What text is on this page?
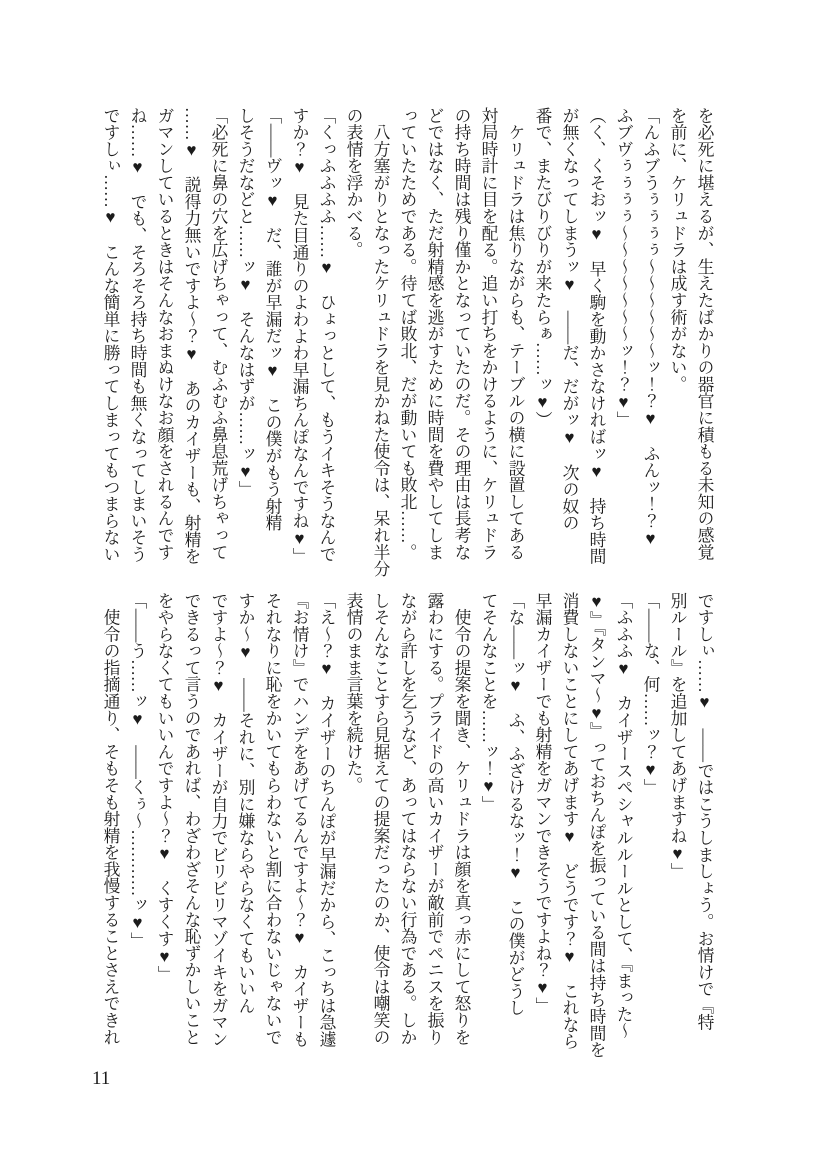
を必死に堪えるが、生えたばかりの器官に積もる未知の感覚

を前に、ケリュドラは成す術がない。

「んふブうぅぅぅぅ〜〜〜〜〜〜ッ！？♥　ふんッ！？♥

ふブヴぅぅぅぅ〜〜〜〜〜〜〜ッ！？♥」

（く、くそおッ♥　早く駒を動かさなければッ♥　持ち時間

が無くなってしまうッ♥　――だ、だがッ♥　次の奴の

番で、またびりびりが来たらぁ……ッ♥）

　ケリュドラは焦りながらも、テーブルの横に設置してある

対局時計に目を配る。追い打ちをかけるように、ケリュドラ

の持ち時間は残り僅かとなっていたのだ。その理由は長考な

どではなく、ただ射精感を逃がすために時間を費やしてしま

っていたためである。待てば敗北、だが動いても敗北……。

　八方塞がりとなったケリュドラを見かねた使令は、呆れ半分

の表情を浮かべる。

「くっふふふふ……♥　ひょっとして、もうイキそうなんで

すか？♥　見た目通りのよわよわ早漏ちんぽなんですね♥」

「――ヴッ♥　だ、誰が早漏だッ♥　この僕がもう射精

しそうだなどと……ッ♥　そんなはずが……ッ♥」

「必死に鼻の穴を広げちゃって、むふむふ鼻息荒げちゃって

……♥　説得力無いですよ〜？♥　あのカイザーも、射精を

ガマンしているときはそんなおまぬけなお顔をされるんです

ね……♥　でも、そろそろ持ち時間も無くなってしまいそう

ですしぃ……♥　こんな簡単に勝ってしまってもつまらない

ですしぃ……♥　――ではこうしましょう。お情けで『特

別ルール』を追加してあげますね♥」

「――な、何……ッ？♥」

「ふふふ♥　カイザースペシャルルールとして、『まった〜

♥』『タンマ〜♥』っておちんぽを振っている間は持ち時間を

消費しないことにしてあげます♥　どうです？♥　これなら

早漏カイザーでも射精をガマンできそうですよね？♥」

「な――ッ♥　ふ、ふざけるなッ！♥　この僕がどうし

てそんなことを……ッ！♥」

　使令の提案を聞き、ケリュドラは顔を真っ赤にして怒りを

露わにする。プライドの高いカイザーが敵前でペニスを振り

ながら許しを乞うなど、あってはならない行為である。しか

しそんなことすら見据えての提案だったのか、使令は嘲笑の

表情のまま言葉を続けた。

「え〜？♥　カイザーのちんぽが早漏だから、こっちは急遽

『お情け』でハンデをあげてるんですよ〜？♥　カイザーも

それなりに恥をかいてもらわないと割に合わないじゃないで

すか〜♥　――それに、別に嫌ならやらなくてもいいん

ですよ〜？♥　カイザーが自力でビリビリマゾイキをガマン

できるって言うのであれば、わざわざそんな恥ずかしいこと

をやらなくてもいいんですよ〜？♥　くすくす♥」

「――う……ッ♥　――くぅ〜…………ッ♥」

　使令の指摘通り、そもそも射精を我慢することさえできれ

11
